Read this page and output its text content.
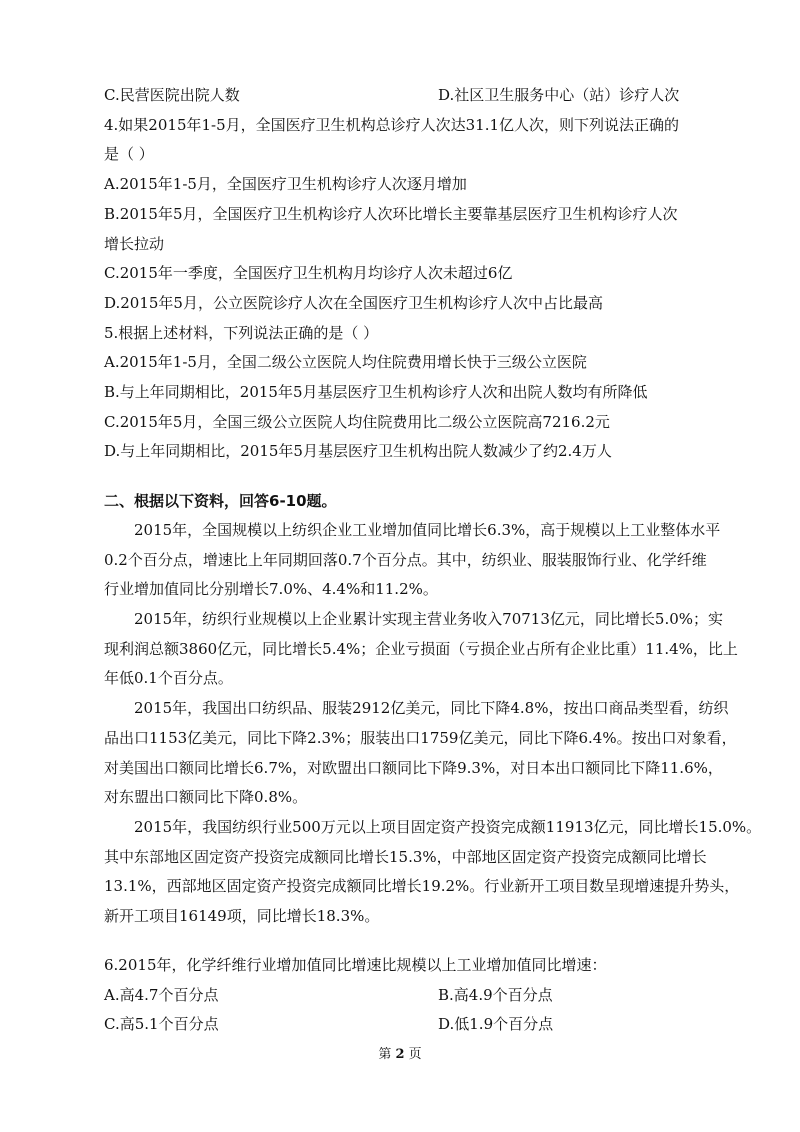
C.民营医院出院人数	D.社区卫生服务中心（站）诊疗人次
4.如果2015年1-5月，全国医疗卫生机构总诊疗人次达31.1亿人次，则下列说法正确的
是（ ）
A.2015年1-5月，全国医疗卫生机构诊疗人次逐月增加
B.2015年5月，全国医疗卫生机构诊疗人次环比增长主要靠基层医疗卫生机构诊疗人次
增长拉动
C.2015年一季度，全国医疗卫生机构月均诊疗人次未超过6亿
D.2015年5月，公立医院诊疗人次在全国医疗卫生机构诊疗人次中占比最高
5.根据上述材料，下列说法正确的是（ ）
A.2015年1-5月，全国二级公立医院人均住院费用增长快于三级公立医院
B.与上年同期相比，2015年5月基层医疗卫生机构诊疗人次和出院人数均有所降低
C.2015年5月，全国三级公立医院人均住院费用比二级公立医院高7216.2元
D.与上年同期相比，2015年5月基层医疗卫生机构出院人数减少了约2.4万人
二、根据以下资料，回答6-10题。
2015年，全国规模以上纺织企业工业增加值同比增长6.3%，高于规模以上工业整体水平
0.2个百分点，增速比上年同期回落0.7个百分点。其中，纺织业、服装服饰行业、化学纤维
行业增加值同比分别增长7.0%、4.4%和11.2%。
2015年，纺织行业规模以上企业累计实现主营业务收入70713亿元，同比增长5.0%；实
现利润总额3860亿元，同比增长5.4%；企业亏损面（亏损企业占所有企业比重）11.4%，比上
年低0.1个百分点。
2015年，我国出口纺织品、服装2912亿美元，同比下降4.8%，按出口商品类型看，纺织
品出口1153亿美元，同比下降2.3%；服装出口1759亿美元，同比下降6.4%。按出口对象看，
对美国出口额同比增长6.7%，对欧盟出口额同比下降9.3%，对日本出口额同比下降11.6%，
对东盟出口额同比下降0.8%。
2015年，我国纺织行业500万元以上项目固定资产投资完成额11913亿元，同比增长15.0%。
其中东部地区固定资产投资完成额同比增长15.3%，中部地区固定资产投资完成额同比增长
13.1%，西部地区固定资产投资完成额同比增长19.2%。行业新开工项目数呈现增速提升势头，
新开工项目16149项，同比增长18.3%。
6.2015年，化学纤维行业增加值同比增速比规模以上工业增加值同比增速：
A.高4.7个百分点	B.高4.9个百分点
C.高5.1个百分点	D.低1.9个百分点
第 2 页
